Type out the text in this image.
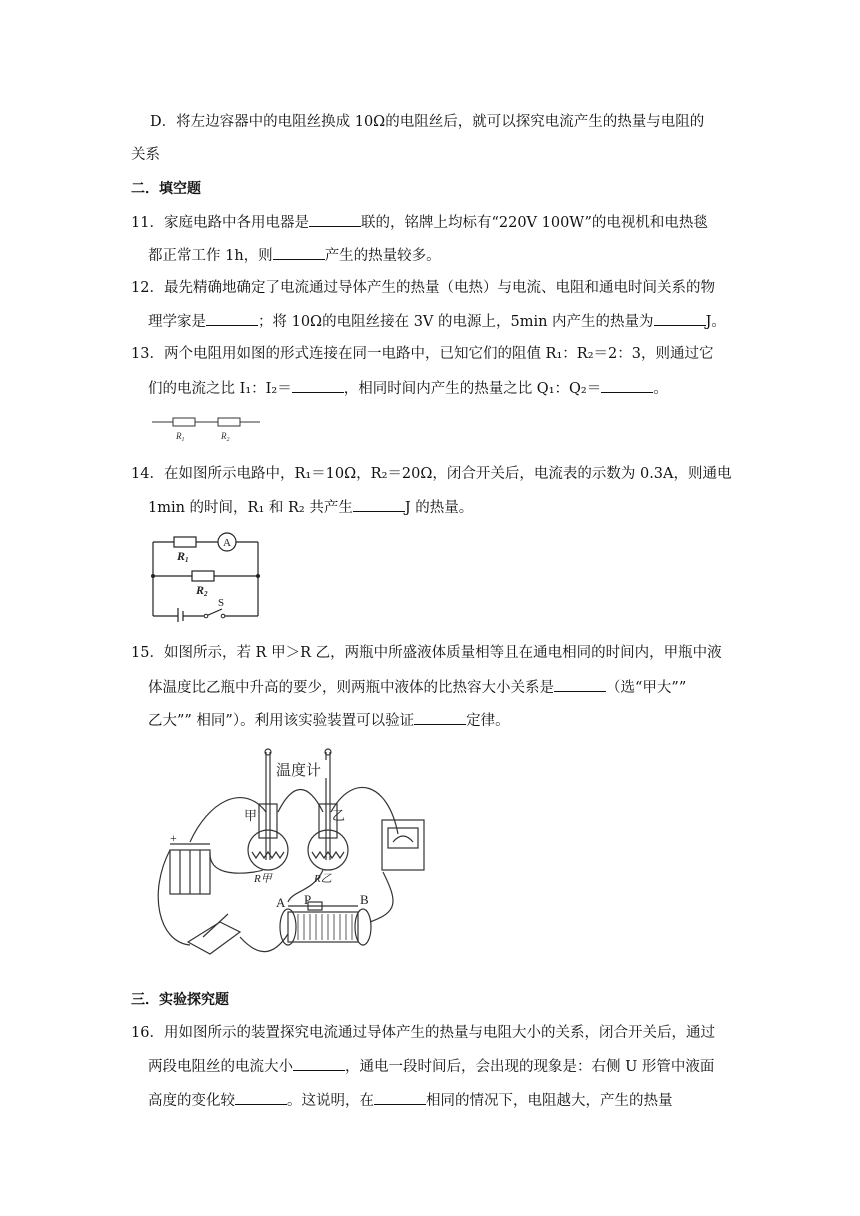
D．将左边容器中的电阻丝换成 10Ω的电阻丝后，就可以探究电流产生的热量与电阻的
关系
二．填空题
11．家庭电路中各用电器是	联的，铭牌上均标有“220V 100W”的电视机和电热毯
都正常工作 1h，则	产生的热量较多。
12．最先精确地确定了电流通过导体产生的热量（电热）与电流、电阻和通电时间关系的物
理学家是	；将 10Ω的电阻丝接在 3V 的电源上，5min 内产生的热量为	J。
13．两个电阻用如图的形式连接在同一电路中，已知它们的阻值 R₁：R₂＝2：3，则通过它
们的电流之比 I₁：I₂＝	，相同时间内产生的热量之比 Q₁：Q₂＝	。
$R_1$	$R_2$
14．在如图所示电路中，R₁＝10Ω，R₂＝20Ω，闭合开关后，电流表的示数为 0.3A，则通电
1min 的时间，R₁ 和 R₂ 共产生	J 的热量。
A
R1
R2
S
15．如图所示，若 R 甲＞R 乙，两瓶中所盛液体质量相等且在通电相同的时间内，甲瓶中液
体温度比乙瓶中升高的要少，则两瓶中液体的比热容大小关系是	（选“甲大””
乙大”” 相同”）。利用该实验装置可以验证	定律。
温度计
甲	乙
R甲	R乙
+
A P	B
三．实验探究题
16．用如图所示的装置探究电流通过导体产生的热量与电阻大小的关系，闭合开关后，通过
两段电阻丝的电流大小	，通电一段时间后，会出现的现象是：右侧 U 形管中液面
高度的变化较	。这说明，在	相同的情况下，电阻越大，产生的热量
